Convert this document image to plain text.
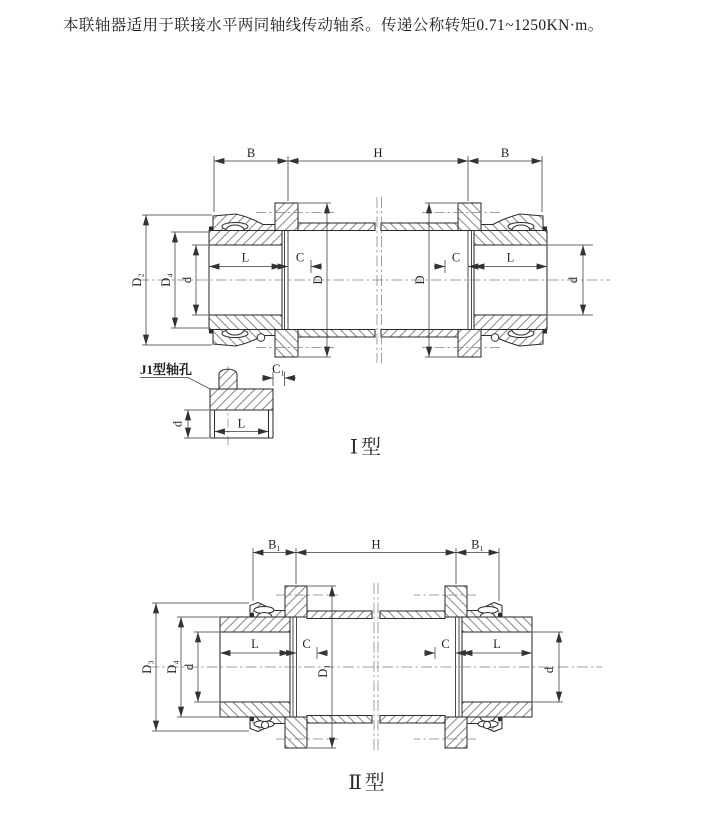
本联轴器适用于联接水平两同轴线传动轴系。传递公称转矩0.71~1250KN·m。
B	H	B
D₂ D₄ d	D	D	d
L	C	C	L
J1型轴孔	C₁
d	L
Ⅰ型
B₁	H	B₁
D₃ D₄ d	D₁	d
L	C	C	L
Ⅱ型
